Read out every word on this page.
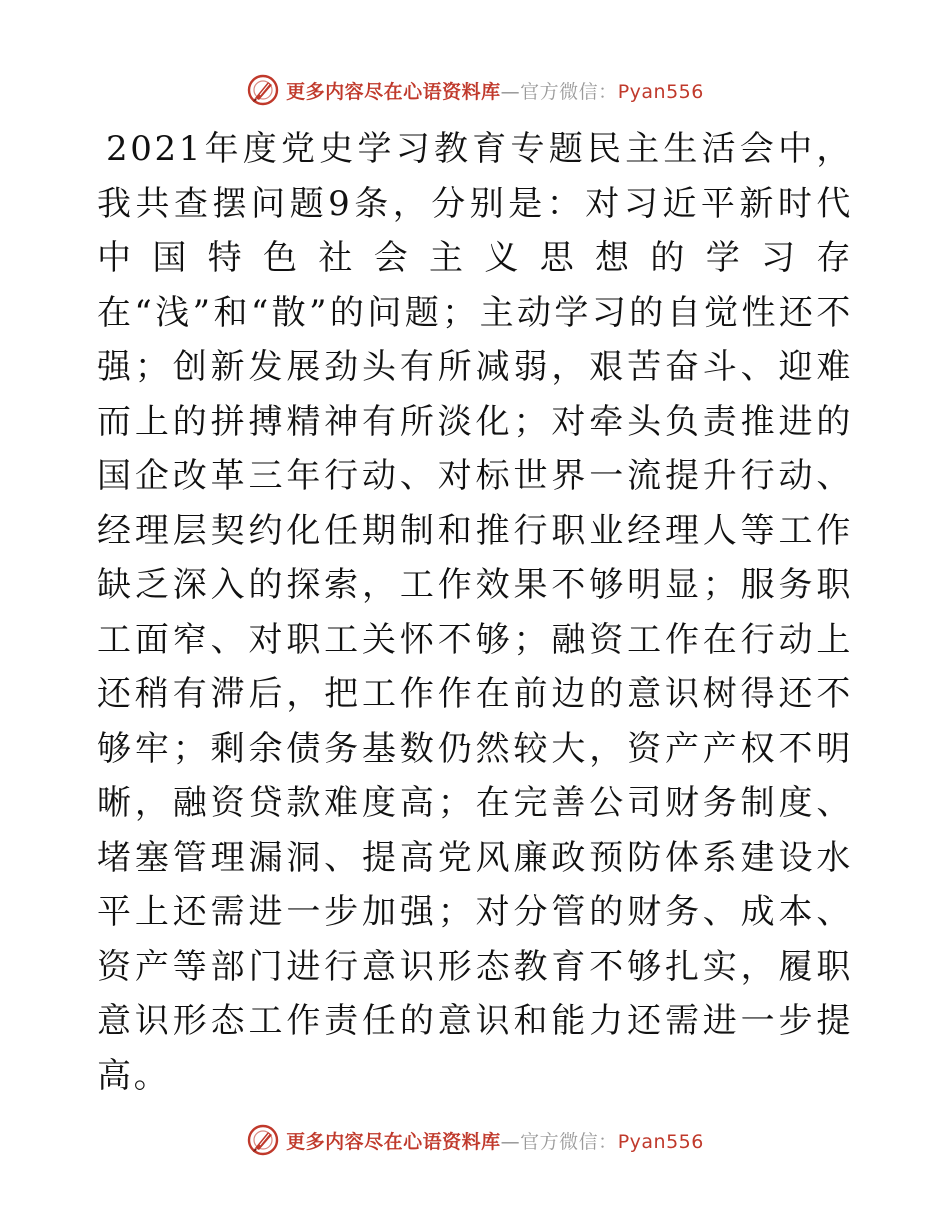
更多内容尽在心语资料库—官方微信：Pyan556

2021年度党史学习教育专题民主生活会中，我共查摆问题9条，分别是：对习近平新时代中国特色社会主义思想的学习存在“浅”和“散”的问题；主动学习的自觉性还不强；创新发展劲头有所减弱，艰苦奋斗、迎难而上的拼搏精神有所淡化；对牵头负责推进的国企改革三年行动、对标世界一流提升行动、经理层契约化任期制和推行职业经理人等工作缺乏深入的探索，工作效果不够明显；服务职工面窄、对职工关怀不够；融资工作在行动上还稍有滞后，把工作作在前边的意识树得还不够牢；剩余债务基数仍然较大，资产产权不明晰，融资贷款难度高；在完善公司财务制度、堵塞管理漏洞、提高党风廉政预防体系建设水平上还需进一步加强；对分管的财务、成本、资产等部门进行意识形态教育不够扎实，履职意识形态工作责任的意识和能力还需进一步提高。

更多内容尽在心语资料库—官方微信：Pyan556
